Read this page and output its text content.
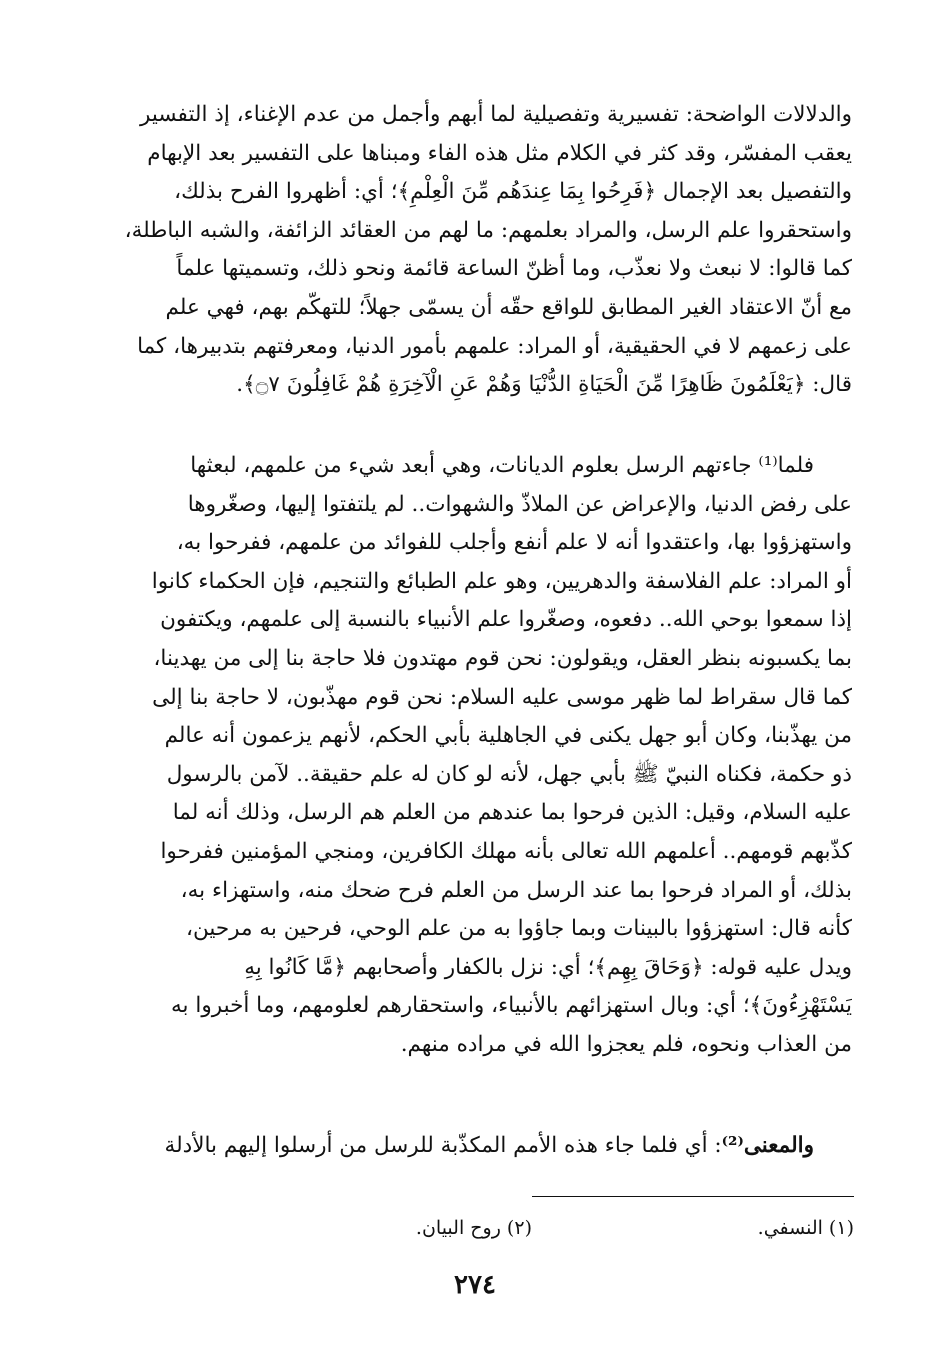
والدلالات الواضحة: تفسيرية وتفصيلية لما أبهم وأجمل من عدم الإغناء، إذ التفسير
يعقب المفسّر، وقد كثر في الكلام مثل هذه الفاء ومبناها على التفسير بعد الإبهام
والتفصيل بعد الإجمال ﴿فَرِحُوا بِمَا عِندَهُم مِّنَ الْعِلْمِ﴾؛ أي: أظهروا الفرح بذلك،
واستحقروا علم الرسل، والمراد بعلمهم: ما لهم من العقائد الزائفة، والشبه الباطلة،
كما قالوا: لا نبعث ولا نعذّب، وما أظنّ الساعة قائمة ونحو ذلك، وتسميتها علماً
مع أنّ الاعتقاد الغير المطابق للواقع حقّه أن يسمّى جهلاً؛ للتهكّم بهم، فهي علم
على زعمهم لا في الحقيقية، أو المراد: علمهم بأمور الدنيا، ومعرفتهم بتدبيرها، كما
قال: ﴿يَعْلَمُونَ ظَاهِرًا مِّنَ الْحَيَاةِ الدُّنْيَا وَهُمْ عَنِ الْآخِرَةِ هُمْ غَافِلُونَ ۝٧﴾.
فلما⁽¹⁾ جاءتهم الرسل بعلوم الديانات، وهي أبعد شيء من علمهم، لبعثها
على رفض الدنيا، والإعراض عن الملاذّ والشهوات.. لم يلتفتوا إليها، وصغّروها
واستهزؤوا بها، واعتقدوا أنه لا علم أنفع وأجلب للفوائد من علمهم، ففرحوا به،
أو المراد: علم الفلاسفة والدهريين، وهو علم الطبائع والتنجيم، فإن الحكماء كانوا
إذا سمعوا بوحي الله.. دفعوه، وصغّروا علم الأنبياء بالنسبة إلى علمهم، ويكتفون
بما يكسبونه بنظر العقل، ويقولون: نحن قوم مهتدون فلا حاجة بنا إلى من يهدينا،
كما قال سقراط لما ظهر موسى عليه السلام: نحن قوم مهذّبون، لا حاجة بنا إلى
من يهذّبنا، وكان أبو جهل يكنى في الجاهلية بأبي الحكم، لأنهم يزعمون أنه عالم
ذو حكمة، فكناه النبيّ ﷺ بأبي جهل، لأنه لو كان له علم حقيقة.. لآمن بالرسول
عليه السلام، وقيل: الذين فرحوا بما عندهم من العلم هم الرسل، وذلك أنه لما
كذّبهم قومهم.. أعلمهم الله تعالى بأنه مهلك الكافرين، ومنجي المؤمنين ففرحوا
بذلك، أو المراد فرحوا بما عند الرسل من العلم فرح ضحك منه، واستهزاء به،
كأنه قال: استهزؤوا بالبينات وبما جاؤوا به من علم الوحي، فرحين به مرحين،
ويدل عليه قوله: ﴿وَحَاقَ بِهِم﴾؛ أي: نزل بالكفار وأصحابهم ﴿مَّا كَانُوا بِهِ
يَسْتَهْزِءُونَ﴾؛ أي: وبال استهزائهم بالأنبياء، واستحقارهم لعلومهم، وما أخبروا به
من العذاب ونحوه، فلم يعجزوا الله في مراده منهم.
والمعنى⁽²⁾: أي فلما جاء هذه الأمم المكذّبة للرسل من أرسلوا إليهم بالأدلة
(١) النسفي.
(٢) روح البيان.
٢٧٤
